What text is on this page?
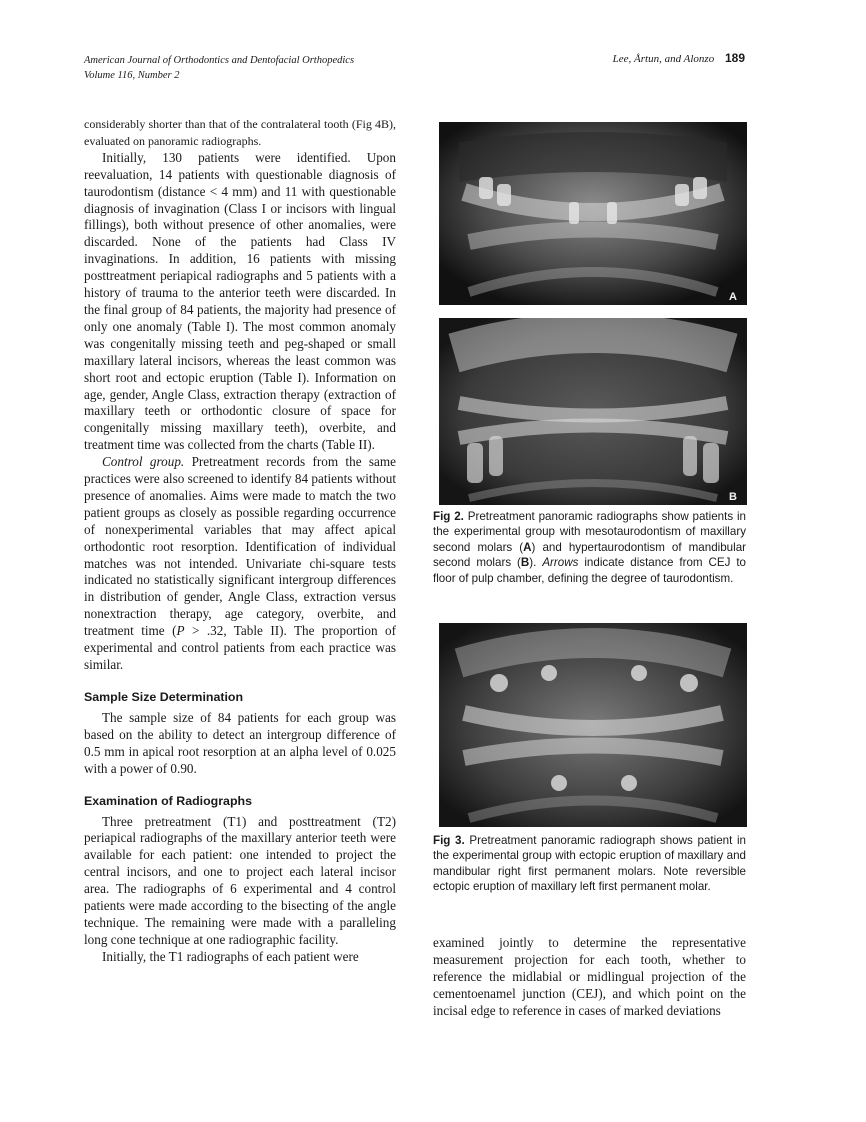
American Journal of Orthodontics and Dentofacial Orthopedics
Volume 116, Number 2
Lee, Årtun, and Alonzo 189

considerably shorter than that of the contralateral tooth (Fig 4B), evaluated on panoramic radiographs.

Initially, 130 patients were identified. Upon reevaluation, 14 patients with questionable diagnosis of taurodontism (distance < 4 mm) and 11 with questionable diagnosis of invagination (Class I or incisors with lingual fillings), both without presence of other anomalies, were discarded. None of the patients had Class IV invaginations. In addition, 16 patients with missing posttreatment periapical radiographs and 5 patients with a history of trauma to the anterior teeth were discarded. In the final group of 84 patients, the majority had presence of only one anomaly (Table I). The most common anomaly was congenitally missing teeth and peg-shaped or small maxillary lateral incisors, whereas the least common was short root and ectopic eruption (Table I). Information on age, gender, Angle Class, extraction therapy (extraction of maxillary teeth or orthodontic closure of space for congenitally missing maxillary teeth), overbite, and treatment time was collected from the charts (Table II).

Control group. Pretreatment records from the same practices were also screened to identify 84 patients without presence of anomalies. Aims were made to match the two patient groups as closely as possible regarding occurrence of nonexperimental variables that may affect apical orthodontic root resorption. Identification of individual matches was not intended. Univariate chi-square tests indicated no statistically significant intergroup differences in distribution of gender, Angle Class, extraction versus nonextraction therapy, age category, overbite, and treatment time (P > .32, Table II). The proportion of experimental and control patients from each practice was similar.

Sample Size Determination

The sample size of 84 patients for each group was based on the ability to detect an intergroup difference of 0.5 mm in apical root resorption at an alpha level of 0.025 with a power of 0.90.

Examination of Radiographs

Three pretreatment (T1) and posttreatment (T2) periapical radiographs of the maxillary anterior teeth were available for each patient: one intended to project the central incisors, and one to project each lateral incisor area. The radiographs of 6 experimental and 4 control patients were made according to the bisecting of the angle technique. The remaining were made with a paralleling long cone technique at one radiographic facility.

Initially, the T1 radiographs of each patient were

A
B
Fig 2. Pretreatment panoramic radiographs show patients in the experimental group with mesotaurodontism of maxillary second molars (A) and hypertaurodontism of mandibular second molars (B). Arrows indicate distance from CEJ to floor of pulp chamber, defining the degree of taurodontism.
Fig 3. Pretreatment panoramic radiograph shows patient in the experimental group with ectopic eruption of maxillary and mandibular right first permanent molars. Note reversible ectopic eruption of maxillary left first permanent molar.

examined jointly to determine the representative measurement projection for each tooth, whether to reference the midlabial or midlingual projection of the cementoenamel junction (CEJ), and which point on the incisal edge to reference in cases of marked deviations
